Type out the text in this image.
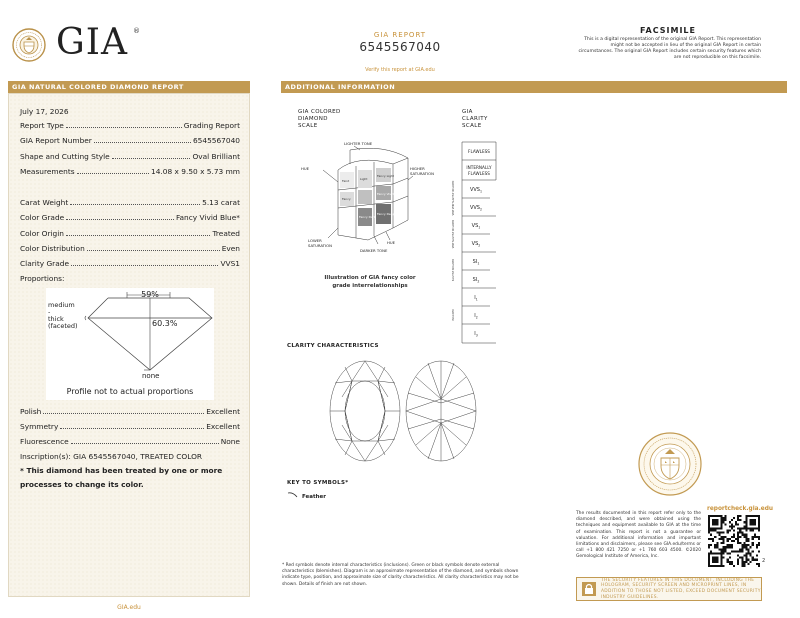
GIA ®	GIA REPORT
6545567040
Verify this report at GIA.edu
FACSIMILE
This is a digital representation of the original GIA Report. This representation might not be accepted in lieu of the original GIA Report in certain circumstances. The original GIA Report includes certain security features which are not reproducible on this facsimile.
GIA NATURAL COLORED DIAMOND REPORT
July 17, 2026
Report Type	Grading Report
GIA Report Number	6545567040
Shape and Cutting Style	Oval Brilliant
Measurements	14.08 x 9.50 x 5.73 mm
Carat Weight	5.13 carat
Color Grade	Fancy Vivid Blue*
Color Origin	Treated
Color Distribution	Even
Clarity Grade	VVS1
Proportions:
59%
60.3%
medium
-
thick
(faceted)
none
Profile not to actual proportions
Polish	Excellent
Symmetry	Excellent
Fluorescence	None
Inscription(s): GIA 6545567040, TREATED COLOR
* This diamond has been treated by one or more processes to change its color.
GIA.edu
ADDITIONAL INFORMATION
GIA COLORED
DIAMOND
SCALE
LIGHTER TONE
HUE	HIGHER
SATURATION
LOWER
SATURATION
DARKER TONE
HUE
Faint	Light
Fancy Light
Fancy
Fancy Vivid
Fancy Dark
Fancy Deep
Illustration of GIA fancy color
grade interrelationships
GIA
CLARITY
SCALE
FLAWLESS
INTERNALLY
FLAWLESS
$VVS_1$
$VVS_2$
$VS_1$
$VS_2$
$SI_1$
$SI_2$
$I_1$
$I_2$
$I_3$
VERY VERY SLIGHTLY INCLUDED
VERY SLIGHTLY INCLUDED
SLIGHTLY INCLUDED
INCLUDED
CLARITY CHARACTERISTICS
KEY TO SYMBOLS*
Feather
* Red symbols denote internal characteristics (inclusions). Green or black symbols denote external characteristics (blemishes). Diagram is an approximate representation of the diamond, and symbols shown indicate type, position, and approximate size of clarity characteristics. All clarity characteristics may not be shown. Details of finish are not shown.
The results documented in this report refer only to the diamond described, and were obtained using the techniques and equipment available to GIA at the time of examination. This report is not a guarantee or valuation. For additional information and important limitations and disclaimers, please see GIA.edu/terms or call +1 800 421 7250 or +1 760 603 4500. ©2020 Gemological Institute of America, Inc.
reportcheck.gia.edu
2
THE SECURITY FEATURES IN THIS DOCUMENT, INCLUDING THE HOLOGRAM, SECURITY SCREEN AND MICROPRINT LINES, IN ADDITION TO THOSE NOT LISTED, EXCEED DOCUMENT SECURITY INDUSTRY GUIDELINES.
